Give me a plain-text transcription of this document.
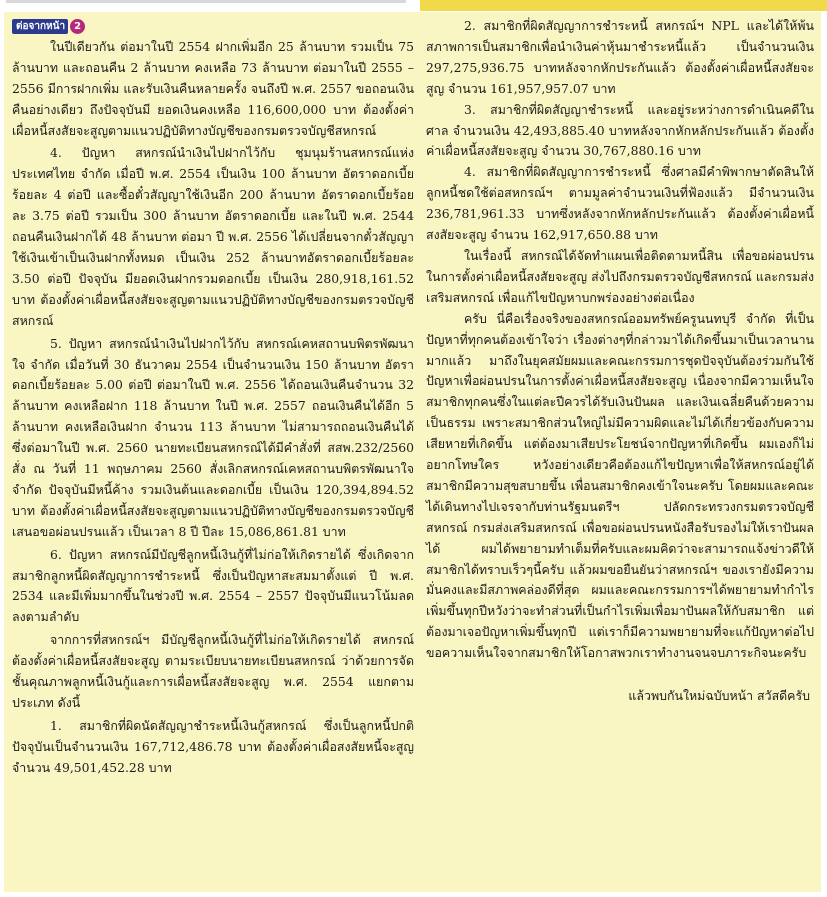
ต่อจากหน้า 2

ในปีเดียวกัน ต่อมาในปี 2554 ฝากเพิ่มอีก 25 ล้านบาท รวมเป็น 75 ล้านบาท และถอนคืน 2 ล้านบาท คงเหลือ 73 ล้านบาท ต่อมาในปี 2555 – 2556 มีการฝากเพิ่ม และรับเงินคืนหลายครั้ง จนถึงปี พ.ศ. 2557 ขอถอนเงินคืนอย่างเดียว ถึงปัจจุบันมี ยอดเงินคงเหลือ 116,600,000 บาท ต้องตั้งค่าเผื่อหนี้สงสัยจะสูญตามแนวปฏิบัติทางบัญชีของกรมตรวจบัญชีสหกรณ์

4. ปัญหา สหกรณ์นำเงินไปฝากไว้กับ ชุมนุมร้านสหกรณ์แห่งประเทศไทย จำกัด เมื่อปี พ.ศ. 2554 เป็นเงิน 100 ล้านบาท อัตราดอกเบี้ยร้อยละ 4 ต่อปี และซื้อตั๋วสัญญาใช้เงินอีก 200 ล้านบาท อัตราดอกเบี้ยร้อยละ 3.75 ต่อปี รวมเป็น 300 ล้านบาท อัตราดอกเบี้ย และในปี พ.ศ. 2544 ถอนคืนเงินฝากได้ 48 ล้านบาท ต่อมา ปี พ.ศ. 2556 ได้เปลี่ยนจากตั๋วสัญญาใช้เงินเข้าเป็นเงินฝากทั้งหมด เป็นเงิน 252 ล้านบาทอัตราดอกเบี้ยร้อยละ 3.50 ต่อปี ปัจจุบัน มียอดเงินฝากรวมดอกเบี้ย เป็นเงิน 280,918,161.52 บาท ต้องตั้งค่าเผื่อหนี้สงสัยจะสูญตามแนวปฏิบัติทางบัญชีของกรมตรวจบัญชีสหกรณ์

5. ปัญหา สหกรณ์นำเงินไปฝากไว้กับ สหกรณ์เคหสถานบพิตรพัฒนาใจ จำกัด เมื่อวันที่ 30 ธันวาคม 2554 เป็นจำนวนเงิน 150 ล้านบาท อัตราดอกเบี้ยร้อยละ 5.00 ต่อปี ต่อมาในปี พ.ศ. 2556 ได้ถอนเงินคืนจำนวน 32 ล้านบาท คงเหลือฝาก 118 ล้านบาท ในปี พ.ศ. 2557 ถอนเงินคืนได้อีก 5 ล้านบาท คงเหลือเงินฝาก จำนวน 113 ล้านบาท ไม่สามารถถอนเงินคืนได้ ซึ่งต่อมาในปี พ.ศ. 2560 นายทะเบียนสหกรณ์ได้มีคำสั่งที่ สสพ.232/2560 สั่ง ณ วันที่ 11 พฤษภาคม 2560 สั่งเลิกสหกรณ์เคหสถานบพิตรพัฒนาใจ จำกัด ปัจจุบันมีหนี้ค้าง รวมเงินต้นและดอกเบี้ย เป็นเงิน 120,394,894.52 บาท ต้องตั้งค่าเผื่อหนี้สงสัยจะสูญตามแนวปฏิบัติทางบัญชีของกรมตรวจบัญชี เสนอขอผ่อนปรนแล้ว เป็นเวลา 8 ปี ปีละ 15,086,861.81 บาท

6. ปัญหา สหกรณ์มีบัญชีลูกหนี้เงินกู้ที่ไม่ก่อให้เกิดรายได้ ซึ่งเกิดจากสมาชิกลูกหนี้ผิดสัญญาการชำระหนี้ ซึ่งเป็นปัญหาสะสมมาตั้งแต่ ปี พ.ศ. 2534 และมีเพิ่มมากขึ้นในช่วงปี พ.ศ. 2554 – 2557 ปัจจุบันมีแนวโน้มลดลงตามลำดับ

จากการที่สหกรณ์ฯ มีบัญชีลูกหนี้เงินกู้ที่ไม่ก่อให้เกิดรายได้ สหกรณ์ต้องตั้งค่าเผื่อหนี้สงสัยจะสูญ ตามระเบียบนายทะเบียนสหกรณ์ ว่าด้วยการจัดชั้นคุณภาพลูกหนี้เงินกู้และการเผื่อหนี้สงสัยจะสูญ พ.ศ. 2554 แยกตามประเภท ดังนี้

1. สมาชิกที่ผิดนัดสัญญาชำระหนี้เงินกู้สหกรณ์ ซึ่งเป็นลูกหนี้ปกติ ปัจจุบันเป็นจำนวนเงิน 167,712,486.78 บาท ต้องตั้งค่าเผื่อสงสัยหนี้จะสูญ จำนวน 49,501,452.28 บาท

2. สมาชิกที่ผิดสัญญาการชำระหนี้ สหกรณ์ฯ NPL และได้ให้พ้นสภาพการเป็นสมาชิกเพื่อนำเงินค่าหุ้นมาชำระหนี้แล้ว เป็นจำนวนเงิน 297,275,936.75 บาทหลังจากหักประกันแล้ว ต้องตั้งค่าเผื่อหนี้สงสัยจะสูญ จำนวน 161,957,957.07 บาท

3. สมาชิกที่ผิดสัญญาชำระหนี้ และอยู่ระหว่างการดำเนินคดีในศาล จำนวนเงิน 42,493,885.40 บาทหลังจากหักหลักประกันแล้ว ต้องตั้งค่าเผื่อหนี้สงสัยจะสูญ จำนวน 30,767,880.16 บาท

4. สมาชิกที่ผิดสัญญาการชำระหนี้ ซึ่งศาลมีคำพิพากษาตัดสินให้ลูกหนี้ชดใช้ต่อสหกรณ์ฯ ตามมูลค่าจำนวนเงินที่ฟ้องแล้ว มีจำนวนเงิน 236,781,961.33 บาทซึ่งหลังจากหักหลักประกันแล้ว ต้องตั้งค่าเผื่อหนี้สงสัยจะสูญ จำนวน 162,917,650.88 บาท

ในเรื่องนี้ สหกรณ์ได้จัดทำแผนเพื่อติดตามหนี้สิน เพื่อขอผ่อนปรนในการตั้งค่าเผื่อหนี้สงสัยจะสูญ ส่งไปถึงกรมตรวจบัญชีสหกรณ์ และกรมส่งเสริมสหกรณ์ เพื่อแก้ไขปัญหาบกพร่องอย่างต่อเนื่อง

ครับ นี่คือเรื่องจริงของสหกรณ์ออมทรัพย์ครูนนทบุรี จำกัด ที่เป็นปัญหาที่ทุกคนต้องเข้าใจว่า เรื่องต่างๆที่กล่าวมาได้เกิดขึ้นมาเป็นเวลานานมากแล้ว มาถึงในยุคสมัยผมและคณะกรรมการชุดปัจจุบันต้องร่วมกันใช้ปัญหาเพื่อผ่อนปรนในการตั้งค่าเผื่อหนี้สงสัยจะสูญ เนื่องจากมีความเห็นใจสมาชิกทุกคนซึ่งในแต่ละปีควรได้รับเงินปันผล และเงินเฉลี่ยคืนด้วยความเป็นธรรม เพราะสมาชิกส่วนใหญ่ไม่มีความผิดและไม่ได้เกี่ยวข้องกับความเสียหายที่เกิดขึ้น แต่ต้องมาเสียประโยชน์จากปัญหาที่เกิดขึ้น ผมเองก็ไม่อยากโทษใคร หวังอย่างเดียวคือต้องแก้ไขปัญหาเพื่อให้สหกรณ์อยู่ได้ สมาชิกมีความสุขสบายขึ้น เพื่อนสมาชิกคงเข้าใจนะครับ โดยผมและคณะได้เดินทางไปเจรจากับท่านรัฐมนตรีฯ ปลัดกระทรวงกรมตรวจบัญชีสหกรณ์ กรมส่งเสริมสหกรณ์ เพื่อขอผ่อนปรนหนังสือรับรองไม่ให้เราปันผลได้ ผมได้พยายามทำเต็มที่ครับและผมคิดว่าจะสามารถแจ้งข่าวดีให้สมาชิกได้ทราบเร็วๆนี้ครับ แล้วผมขอยืนยันว่าสหกรณ์ฯ ของเรายังมีความมั่นคงและมีสภาพคล่องดีที่สุด ผมและคณะกรรมการฯได้พยายามทำกำไรเพิ่มขึ้นทุกปีหวังว่าจะทำส่วนที่เป็นกำไรเพิ่มเพื่อมาปันผลให้กับสมาชิก แต่ต้องมาเจอปัญหาเพิ่มขึ้นทุกปี แต่เราก็มีความพยายามที่จะแก้ปัญหาต่อไปขอความเห็นใจจากสมาชิกให้โอกาสพวกเราทำงานจนจบภาระกิจนะครับ

แล้วพบกันใหม่ฉบับหน้า สวัสดีครับ
